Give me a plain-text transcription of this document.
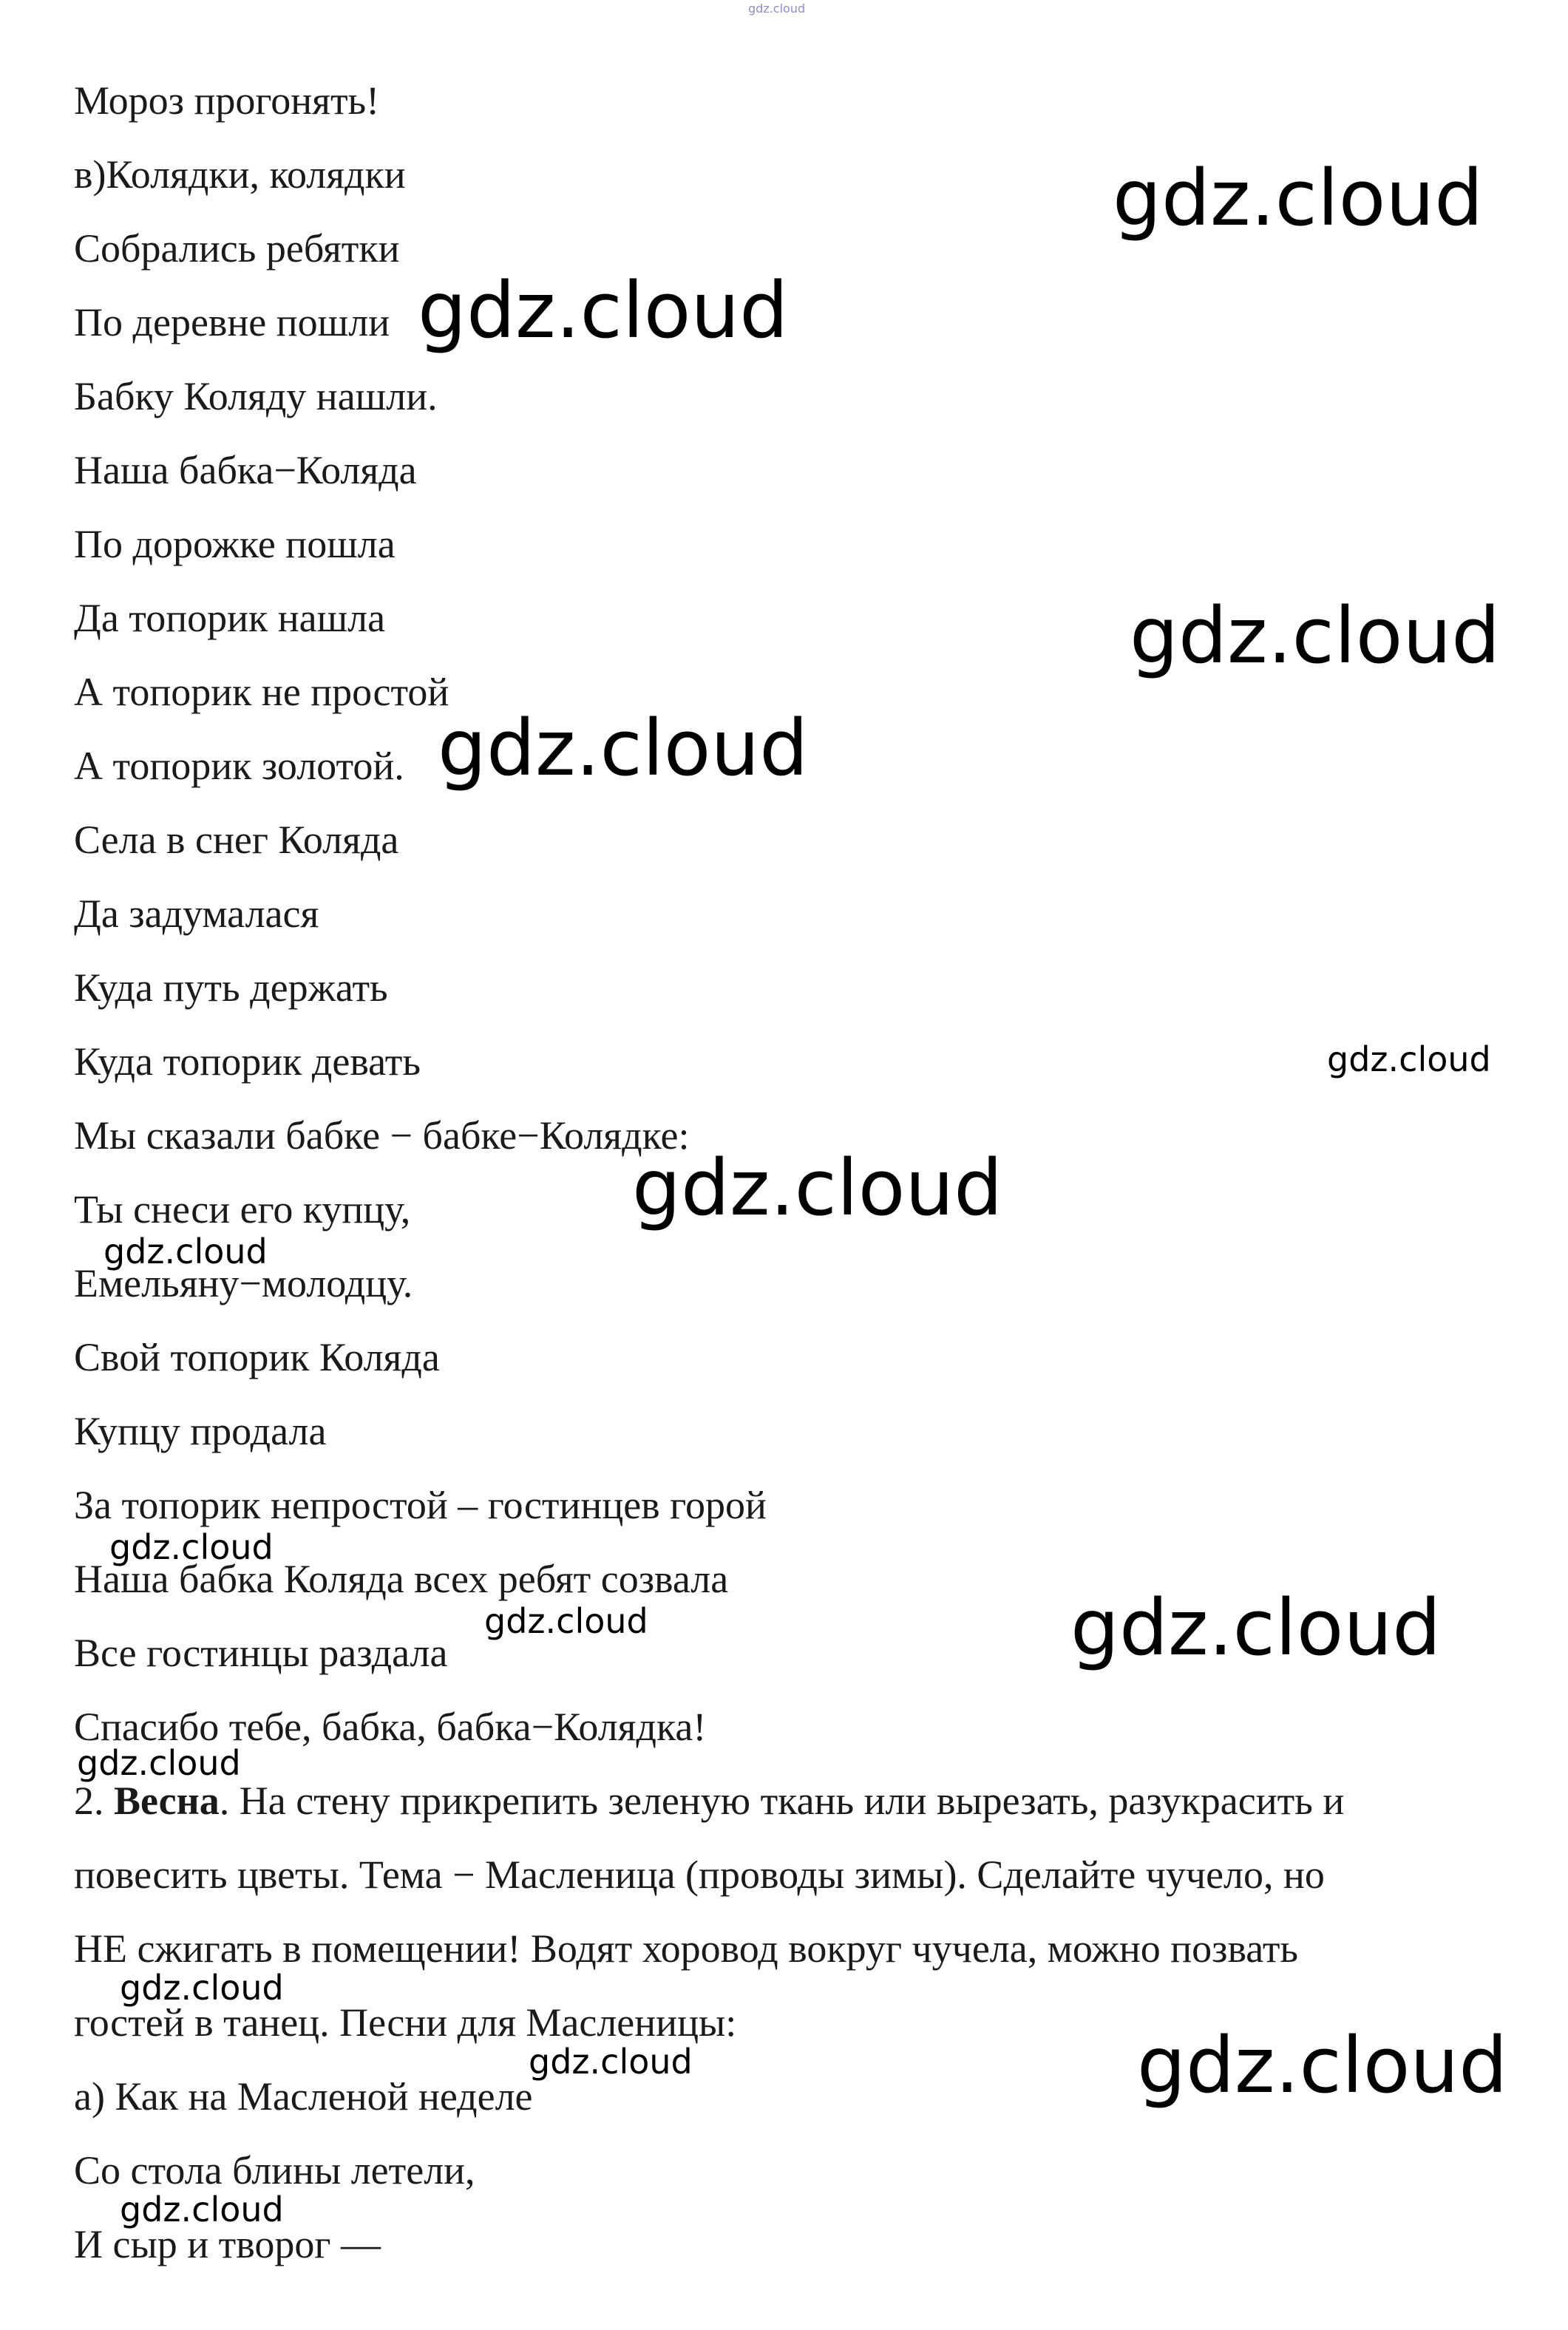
gdz.cloud
Мороз прогонять!
в)Колядки, колядки
Собрались ребятки
По деревне пошли
Бабку Коляду нашли.
Наша бабка−Коляда
По дорожке пошла
Да топорик нашла
А топорик не простой
А топорик золотой.
Села в снег Коляда
Да задумалася
Куда путь держать
Куда топорик девать
Мы сказали бабке − бабке−Колядке:
Ты снеси его купцу,
Емельяну−молодцу.
Свой топорик Коляда
Купцу продала
За топорик непростой – гостинцев горой
Наша бабка Коляда всех ребят созвала
Все гостинцы раздала
Спасибо тебе, бабка, бабка−Колядка!
2. Весна. На стену прикрепить зеленую ткань или вырезать, разукрасить и
повесить цветы. Тема − Масленица (проводы зимы). Сделайте чучело, но
НЕ сжигать в помещении! Водят хоровод вокруг чучела, можно позвать
гостей в танец. Песни для Масленицы:
а) Как на Масленой неделе
Со стола блины летели,
И сыр и творог —
gdz.cloud
gdz.cloud
gdz.cloud
gdz.cloud
gdz.cloud
gdz.cloud
gdz.cloud
gdz.cloud
gdz.cloud	gdz.cloud
gdz.cloud
gdz.cloud
gdz.cloud
gdz.cloud
gdz.cloud
